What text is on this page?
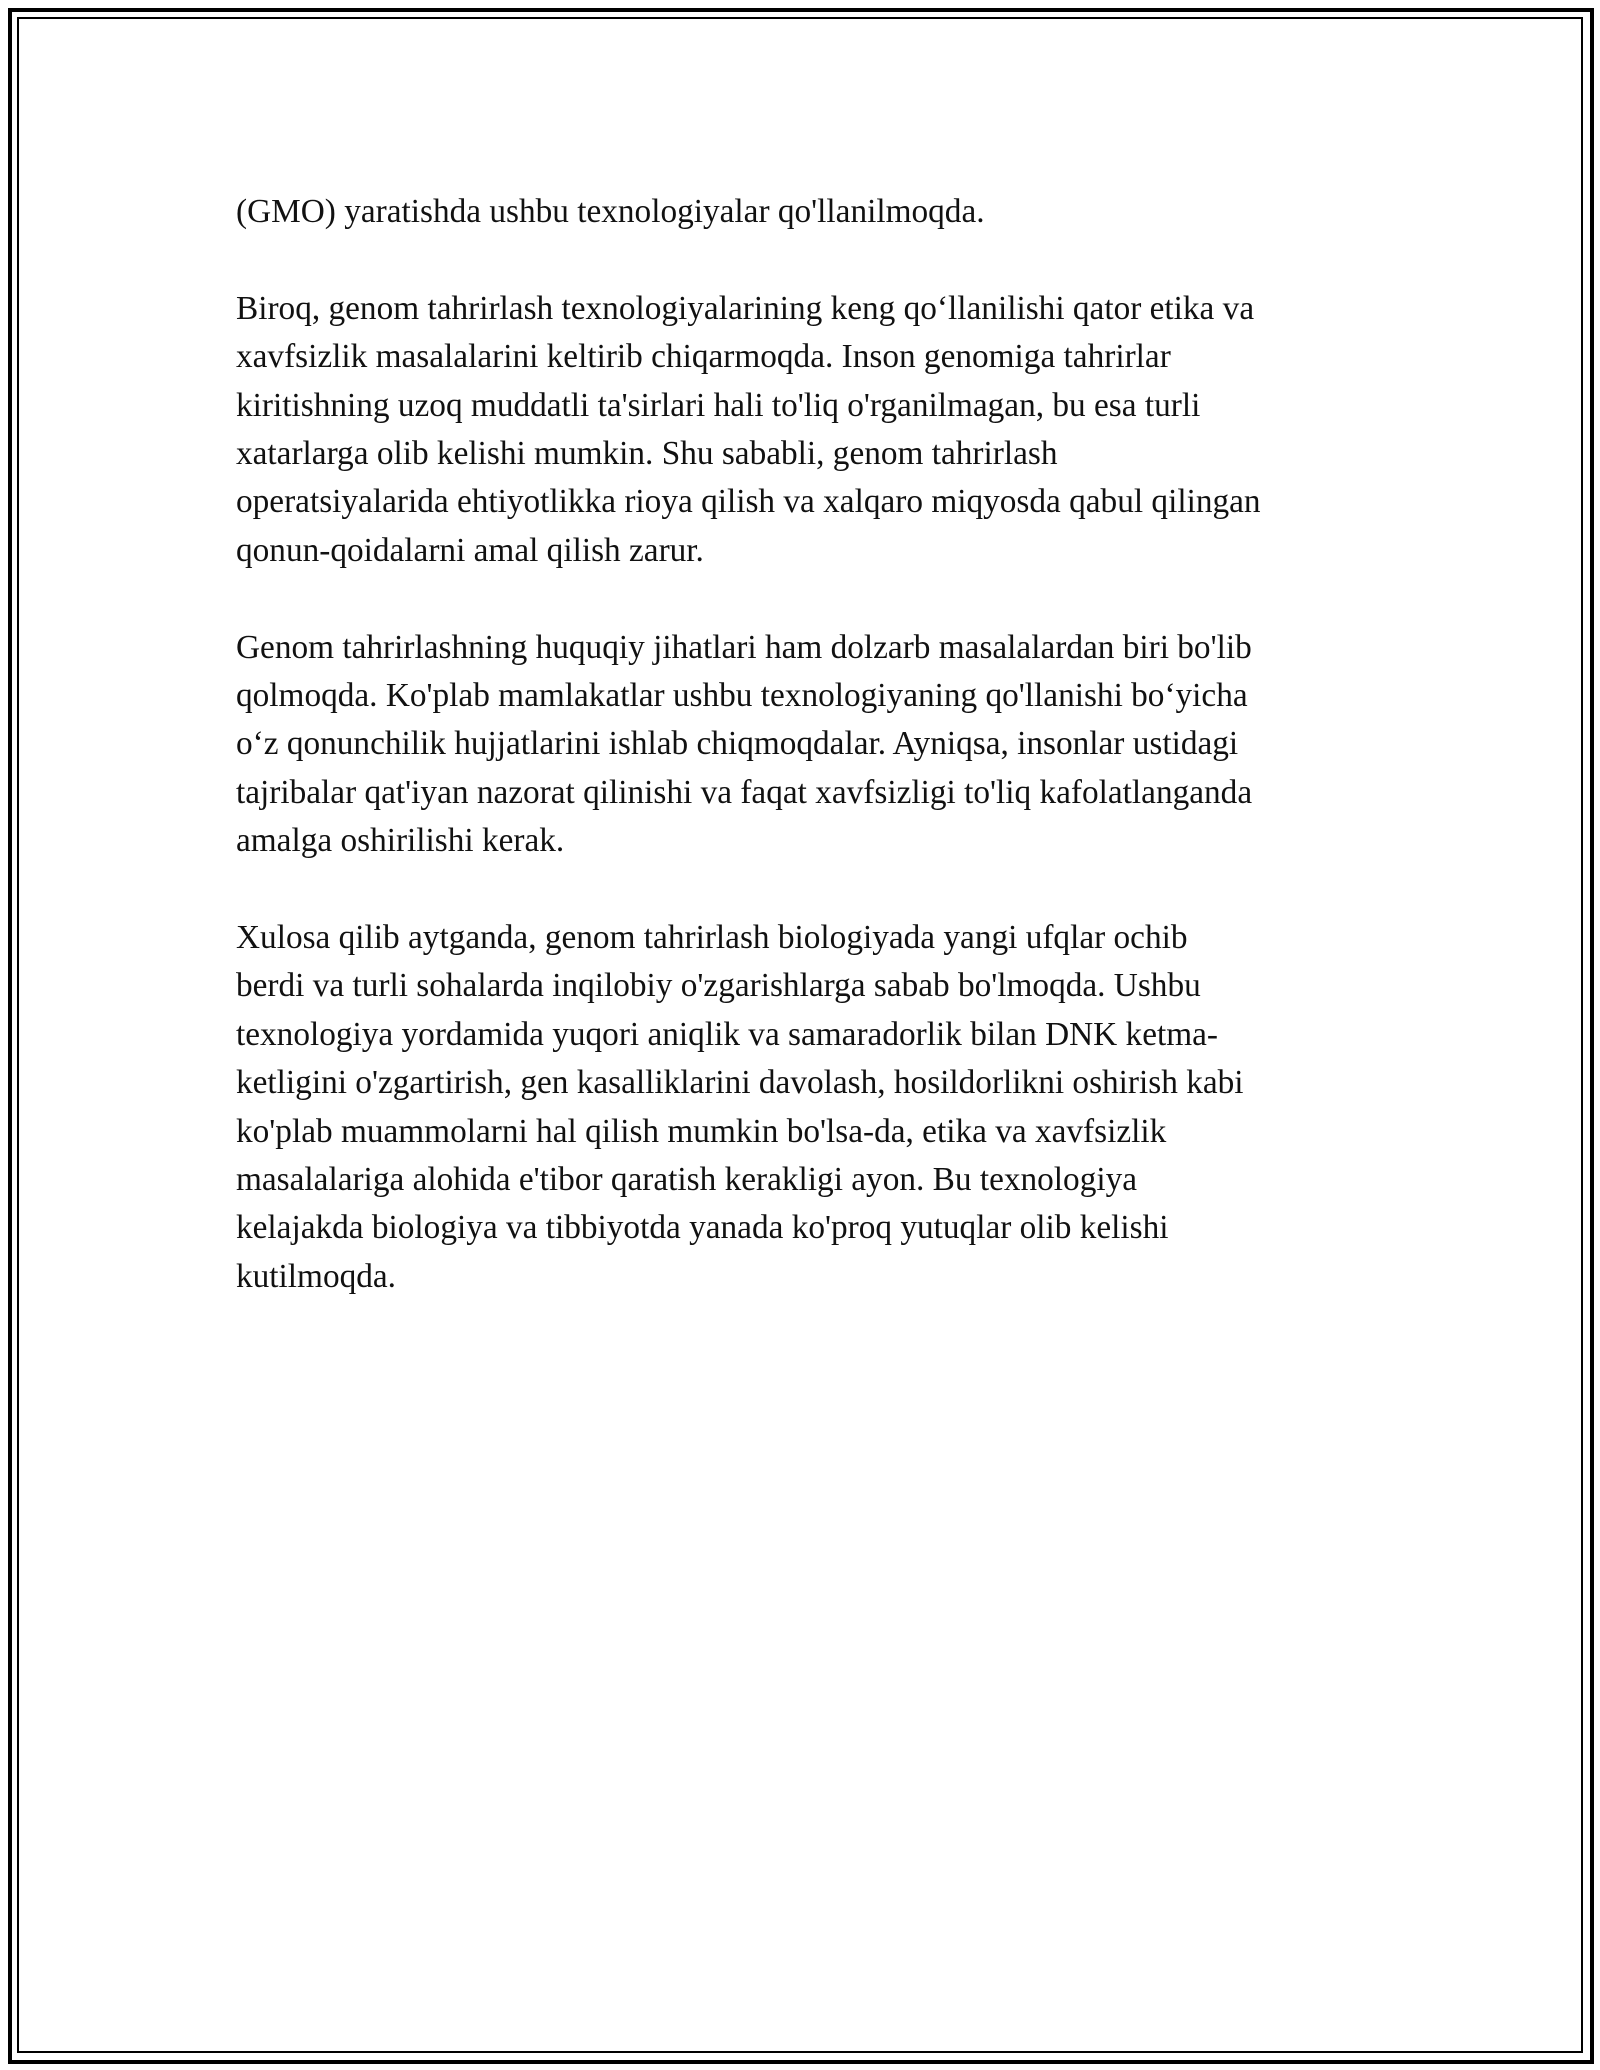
(GMO) yaratishda ushbu texnologiyalar qo'llanilmoqda.

Biroq, genom tahrirlash texnologiyalarining keng qo‘llanilishi qator etika va
xavfsizlik masalalarini keltirib chiqarmoqda. Inson genomiga tahrirlar
kiritishning uzoq muddatli ta'sirlari hali to'liq o'rganilmagan, bu esa turli
xatarlarga olib kelishi mumkin. Shu sababli, genom tahrirlash
operatsiyalarida ehtiyotlikka rioya qilish va xalqaro miqyosda qabul qilingan
qonun-qoidalarni amal qilish zarur.

Genom tahrirlashning huquqiy jihatlari ham dolzarb masalalardan biri bo'lib
qolmoqda. Ko'plab mamlakatlar ushbu texnologiyaning qo'llanishi bo‘yicha
o‘z qonunchilik hujjatlarini ishlab chiqmoqdalar. Ayniqsa, insonlar ustidagi
tajribalar qat'iyan nazorat qilinishi va faqat xavfsizligi to'liq kafolatlanganda
amalga oshirilishi kerak.

Xulosa qilib aytganda, genom tahrirlash biologiyada yangi ufqlar ochib
berdi va turli sohalarda inqilobiy o'zgarishlarga sabab bo'lmoqda. Ushbu
texnologiya yordamida yuqori aniqlik va samaradorlik bilan DNK ketma-
ketligini o'zgartirish, gen kasalliklarini davolash, hosildorlikni oshirish kabi
ko'plab muammolarni hal qilish mumkin bo'lsa-da, etika va xavfsizlik
masalalariga alohida e'tibor qaratish kerakligi ayon. Bu texnologiya
kelajakda biologiya va tibbiyotda yanada ko'proq yutuqlar olib kelishi
kutilmoqda.
